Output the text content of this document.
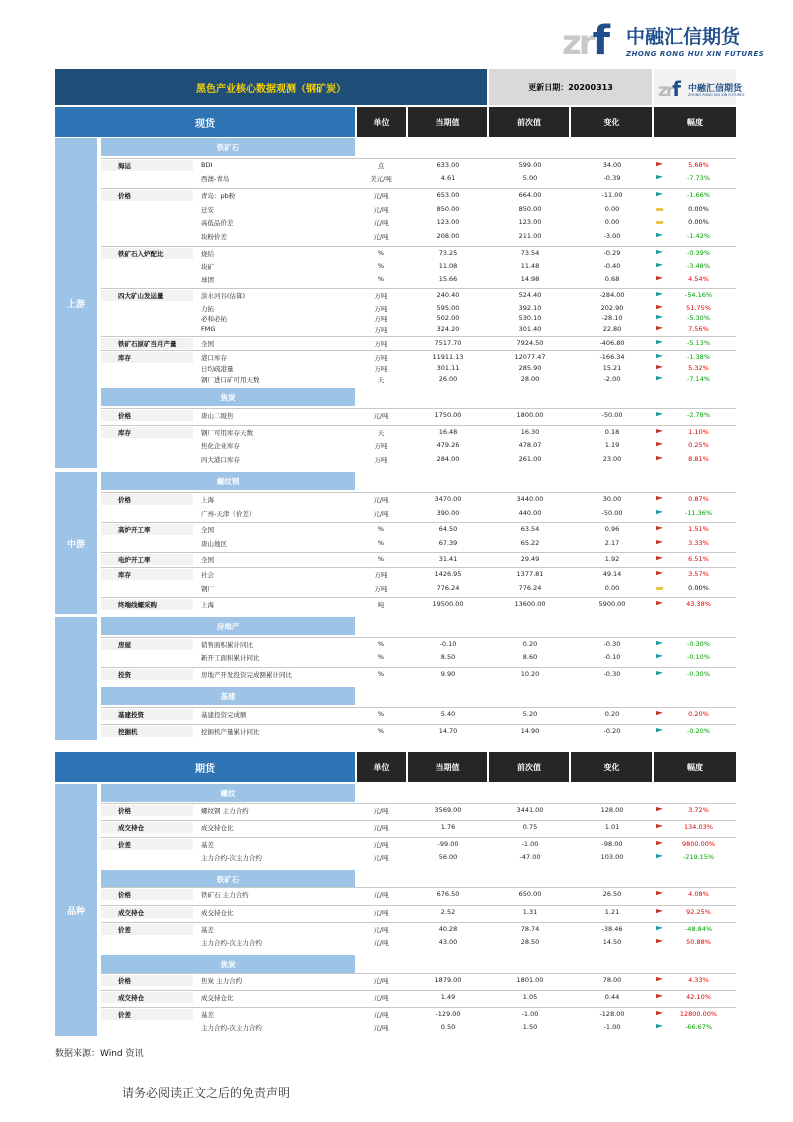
zrf 中融汇信期货
ZHONG RONG HUI XIN FUTURES
黑色产业核心数据观测（钢矿炭）	更新日期：20200313	zrf 中融汇信期货
ZHONG RONG HUI XIN FUTURES
现货	单位	当期值	前次值	变化	幅度
上游
中游
铁矿石
焦炭
螺纹钢
房地产
基建
海运	BDI	点	633.00	599.00	34.00	5.68%
西澳-青岛	美元/吨	4.61	5.00	-0.39	-7.73%
价格	青岛：pb粉	元/吨	653.00	664.00	-11.00	-1.66%
迁安	元/吨	850.00	850.00	0.00	0.00%
高低品价差	元/吨	123.00	123.00	0.00	0.00%
块粉价差	元/吨	208.00	211.00	-3.00	-1.42%
铁矿石入炉配比	烧结	%	73.25	73.54	-0.29	-0.39%
块矿	%	11.08	11.48	-0.40	-3.48%
球团	%	15.66	14.98	0.68	4.54%
四大矿山发运量	淡水河谷(估算)	万吨	240.40	524.40	-284.00	-54.16%
力拓	万吨	595.00	392.10	202.90	51.75%
必和必拓	万吨	502.00	530.10	-28.10	-5.30%
FMG	万吨	324.20	301.40	22.80	7.56%
铁矿石原矿当月产量	全国	万吨	7517.70	7924.50	-406.80	-5.13%
库存	港口库存	万吨	11911.13	12077.47	-166.34	-1.38%
日均疏港量	万吨	301.11	285.90	15.21	5.32%
钢厂进口矿可用天数	天	26.00	28.00	-2.00	-7.14%
价格	唐山二级焦	元/吨	1750.00	1800.00	-50.00	-2.78%
库存	钢厂可用库存天数	天	16.48	16.30	0.18	1.10%
焦化企业库存	万吨	479.26	478.07	1.19	0.25%
四大港口库存	万吨	284.00	261.00	23.00	8.81%
价格	上海	元/吨	3470.00	3440.00	30.00	0.87%
广州-天津（价差）	元/吨	390.00	440.00	-50.00	-11.36%
高炉开工率	全国	%	64.50	63.54	0.96	1.51%
唐山地区	%	67.39	65.22	2.17	3.33%
电炉开工率	全国	%	31.41	29.49	1.92	6.51%
库存	社会	万吨	1426.95	1377.81	49.14	3.57%
钢厂	万吨	776.24	776.24	0.00	0.00%
终端线螺采购	上海	吨	19500.00	13600.00	5900.00	43.38%
房屋	销售面积累计同比	%	-0.10	0.20	-0.30	-0.30%
新开工面积累计同比	%	8.50	8.60	-0.10	-0.10%
投资	房地产开发投资完成额累计同比	%	9.90	10.20	-0.30	-0.30%
基建投资	基建投资完成额	%	5.40	5.20	0.20	0.20%
挖掘机	挖掘机产量累计同比	%	14.70	14.90	-0.20	-0.20%
期货	单位	当期值	前次值	变化	幅度
品种
螺纹
铁矿石
焦炭
价格	螺纹钢 主力合约	元/吨	3569.00	3441.00	128.00	3.72%
成交持仓	成交持仓比	元/吨	1.76	0.75	1.01	134.03%
价差	基差	元/吨	-99.00	-1.00	-98.00	9800.00%
主力合约-次主力合约	元/吨	56.00	-47.00	103.00	-219.15%
价格	铁矿石 主力合约	元/吨	676.50	650.00	26.50	4.08%
成交持仓	成交持仓比	元/吨	2.52	1.31	1.21	92.25%
价差	基差	元/吨	40.28	78.74	-38.46	-48.84%
主力合约-次主力合约	元/吨	43.00	28.50	14.50	50.88%
价格	焦炭 主力合约	元/吨	1879.00	1801.00	78.00	4.33%
成交持仓	成交持仓比	元/吨	1.49	1.05	0.44	42.10%
价差	基差	元/吨	-129.00	-1.00	-128.00	12800.00%
主力合约-次主力合约	元/吨	0.50	1.50	-1.00	-66.67%
数据来源：Wind 资讯
请务必阅读正文之后的免责声明
